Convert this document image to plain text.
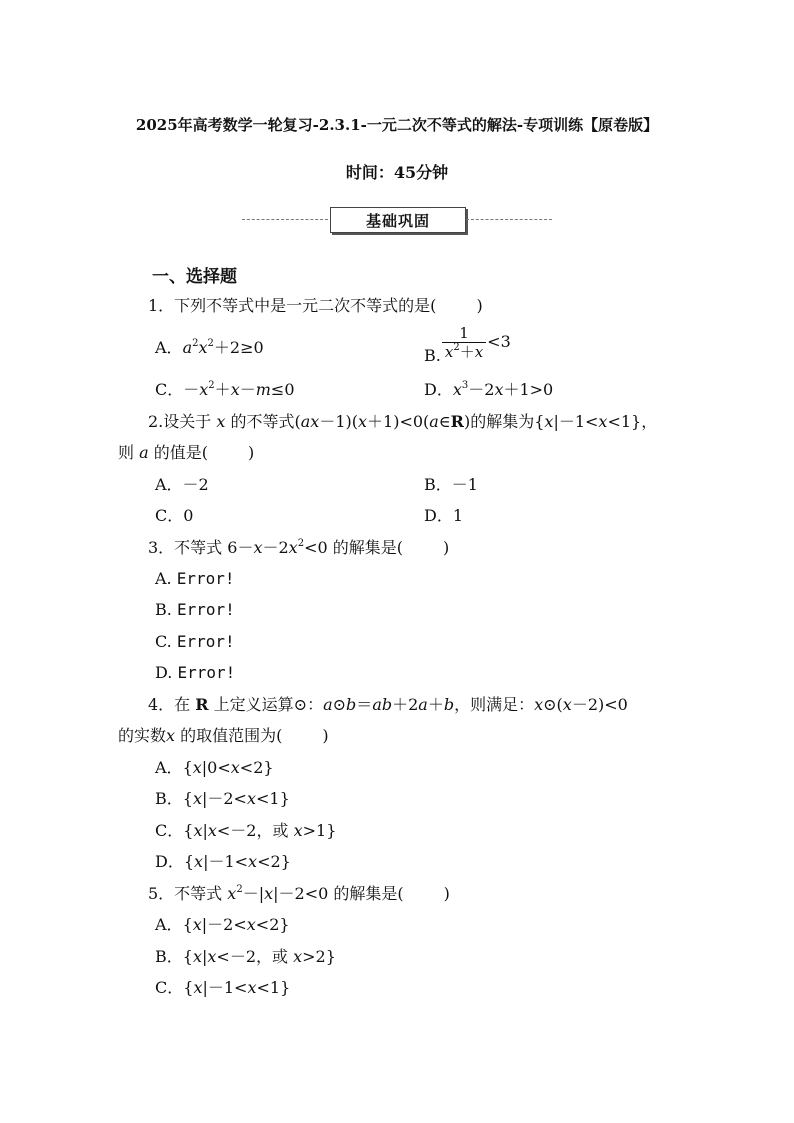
2025年高考数学一轮复习-2.3.1-一元二次不等式的解法-专项训练【原卷版】
时间：45分钟
基础巩固
一、选择题
1．下列不等式中是一元二次不等式的是(	)
A．$a^2x^2+2\ge 0$	B. $\frac{1}{x^2+x} <3$
C．$-x^2+x-m\le 0$	D．$x^3-2x+1>0$
2.设关于 x 的不等式(ax－1)(x＋1)<0(a∈R)的解集为{x|－1<x<1}，
则 a 的值是(	)
A．－2	B．－1
C．0	D．1
3．不等式 $6-x-2x^2<0$ 的解集是(	)
A. Error!
B. Error!
C. Error!
D. Error!
4．在 R 上定义运算⊙：a⊙b＝ab＋2a＋b，则满足：x⊙(x－2)<0
的实数x 的取值范围为(	)
A．{x|0<x<2}
B．{x|－2<x<1}
C．{x|x<－2，或 x>1}
D．{x|－1<x<2}
5．不等式 $x^2-|x|-2<0$ 的解集是(	)
A．{x|－2<x<2}
B．{x|x<－2，或 x>2}
C．{x|－1<x<1}
